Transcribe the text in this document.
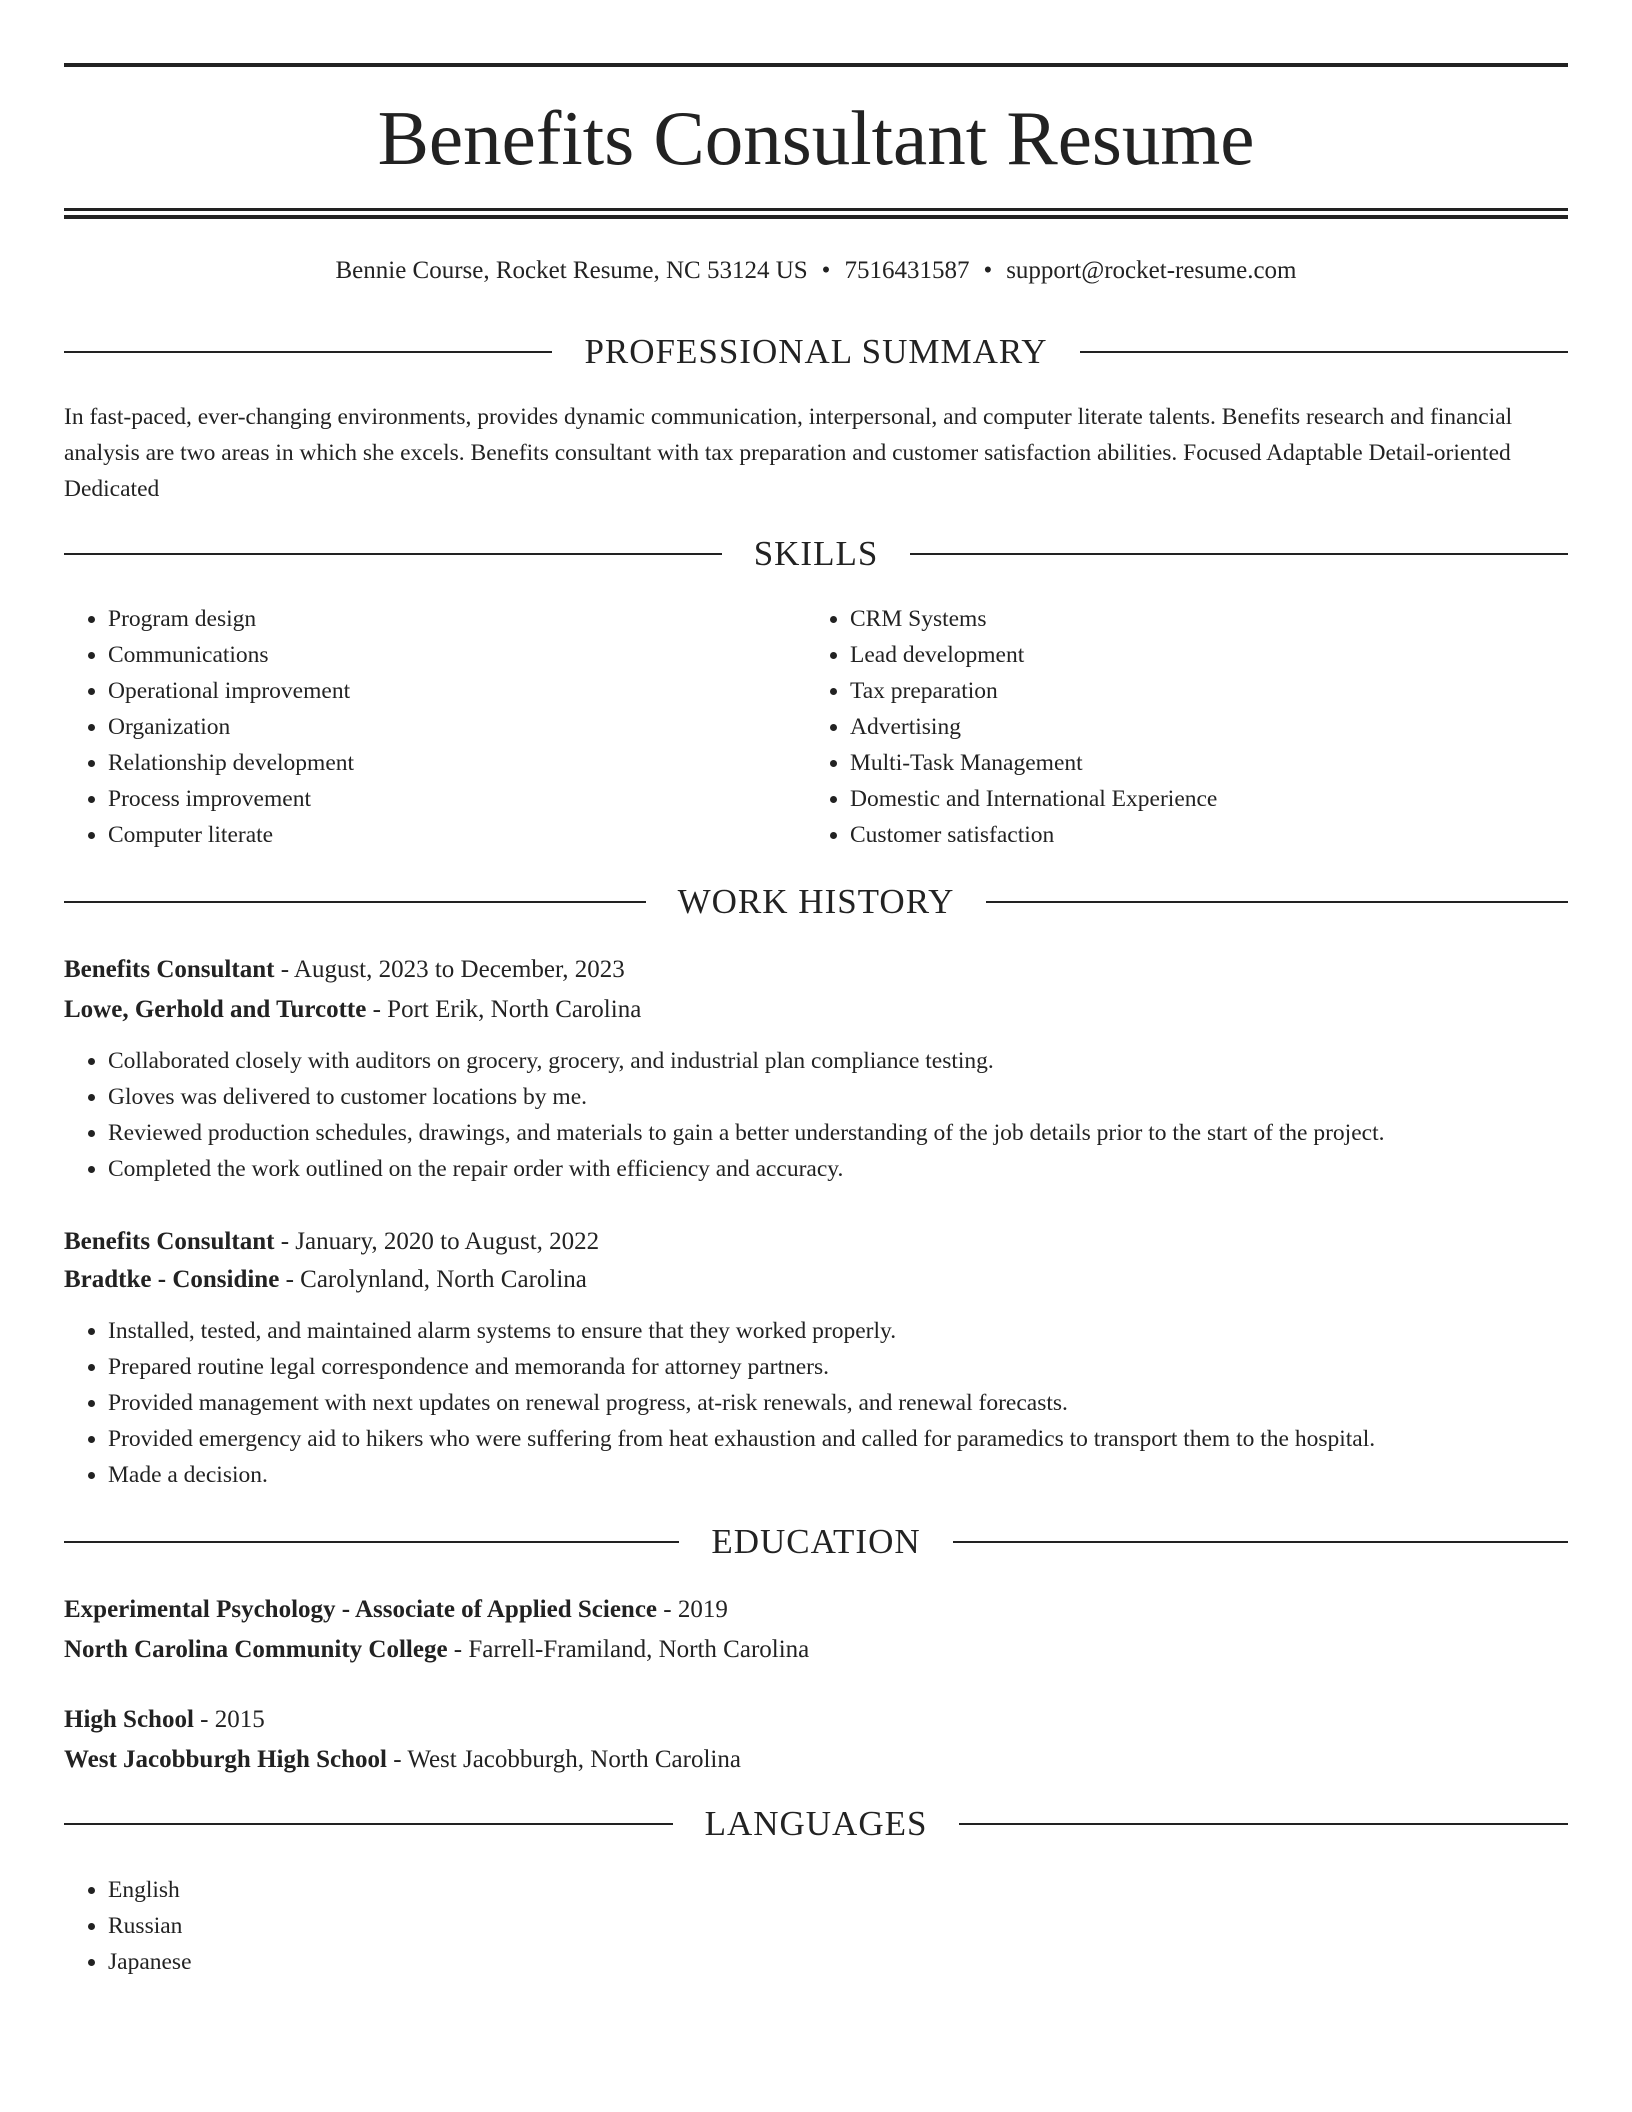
Benefits Consultant Resume
Bennie Course, Rocket Resume, NC 53124 US • 7516431587 • support@rocket-resume.com
PROFESSIONAL SUMMARY

In fast-paced, ever-changing environments, provides dynamic communication, interpersonal, and computer literate talents. Benefits research and financial analysis are two areas in which she excels. Benefits consultant with tax preparation and customer satisfaction abilities. Focused Adaptable Detail-oriented Dedicated

SKILLS
• Program design
• Communications
• Operational improvement
• Organization
• Relationship development
• Process improvement
• Computer literate
• CRM Systems
• Lead development
• Tax preparation
• Advertising
• Multi-Task Management
• Domestic and International Experience
• Customer satisfaction
WORK HISTORY
Benefits Consultant - August, 2023 to December, 2023
Lowe, Gerhold and Turcotte - Port Erik, North Carolina
• Collaborated closely with auditors on grocery, grocery, and industrial plan compliance testing.
• Gloves was delivered to customer locations by me.
• Reviewed production schedules, drawings, and materials to gain a better understanding of the job details prior to the start of the project.
• Completed the work outlined on the repair order with efficiency and accuracy.
Benefits Consultant - January, 2020 to August, 2022
Bradtke - Considine - Carolynland, North Carolina
• Installed, tested, and maintained alarm systems to ensure that they worked properly.
• Prepared routine legal correspondence and memoranda for attorney partners.
• Provided management with next updates on renewal progress, at-risk renewals, and renewal forecasts.
• Provided emergency aid to hikers who were suffering from heat exhaustion and called for paramedics to transport them to the hospital.
• Made a decision.
EDUCATION
Experimental Psychology - Associate of Applied Science - 2019
North Carolina Community College - Farrell-Framiland, North Carolina
High School - 2015
West Jacobburgh High School - West Jacobburgh, North Carolina
LANGUAGES
• English
• Russian
• Japanese
